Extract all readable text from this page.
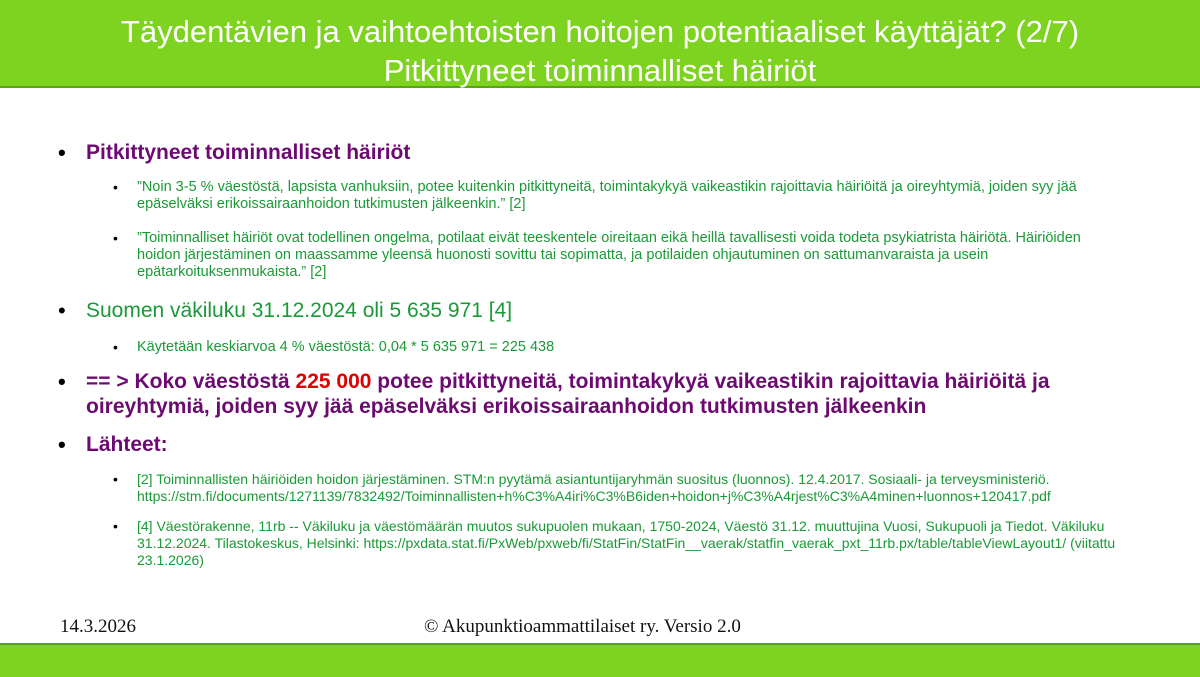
Täydentävien ja vaihtoehtoisten hoitojen potentiaaliset käyttäjät? (2/7)
Pitkittyneet toiminnalliset häiriöt
• Pitkittyneet toiminnalliset häiriöt
• ”Noin 3-5 % väestöstä, lapsista vanhuksiin, potee kuitenkin pitkittyneitä, toimintakykyä vaikeastikin rajoittavia häiriöitä ja oireyhtymiä, joiden syy jää epäselväksi erikoissairaanhoidon tutkimusten jälkeenkin.” [2]
• ”Toiminnalliset häiriöt ovat todellinen ongelma, potilaat eivät teeskentele oireitaan eikä heillä tavallisesti voida todeta psykiatrista häiriötä. Häiriöiden hoidon järjestäminen on maassamme yleensä huonosti sovittu tai sopimatta, ja potilaiden ohjautuminen on sattumanvaraista ja usein epätarkoituksenmukaista.” [2]
• Suomen väkiluku 31.12.2024 oli 5 635 971 [4]
• Käytetään keskiarvoa 4 % väestöstä: 0,04 * 5 635 971 = 225 438
• == > Koko väestöstä 225 000 potee pitkittyneitä, toimintakykyä vaikeastikin rajoittavia häiriöitä ja oireyhtymiä, joiden syy jää epäselväksi erikoissairaanhoidon tutkimusten jälkeenkin
• Lähteet:
• [2] Toiminnallisten häiriöiden hoidon järjestäminen. STM:n pyytämä asiantuntijaryhmän suositus (luonnos). 12.4.2017. Sosiaali- ja terveysministeriö. https://stm.fi/documents/1271139/7832492/Toiminnallisten+h%C3%A4iri%C3%B6iden+hoidon+j%C3%A4rjest%C3%A4minen+luonnos+120417.pdf
• [4] Väestörakenne, 11rb -- Väkiluku ja väestömäärän muutos sukupuolen mukaan, 1750-2024, Väestö 31.12. muuttujina Vuosi, Sukupuoli ja Tiedot. Väkiluku 31.12.2024. Tilastokeskus, Helsinki: https://pxdata.stat.fi/PxWeb/pxweb/fi/StatFin/StatFin__vaerak/statfin_vaerak_pxt_11rb.px/table/tableViewLayout1/ (viitattu 23.1.2026)
14.3.2026	© Akupunktioammattilaiset ry. Versio 2.0
